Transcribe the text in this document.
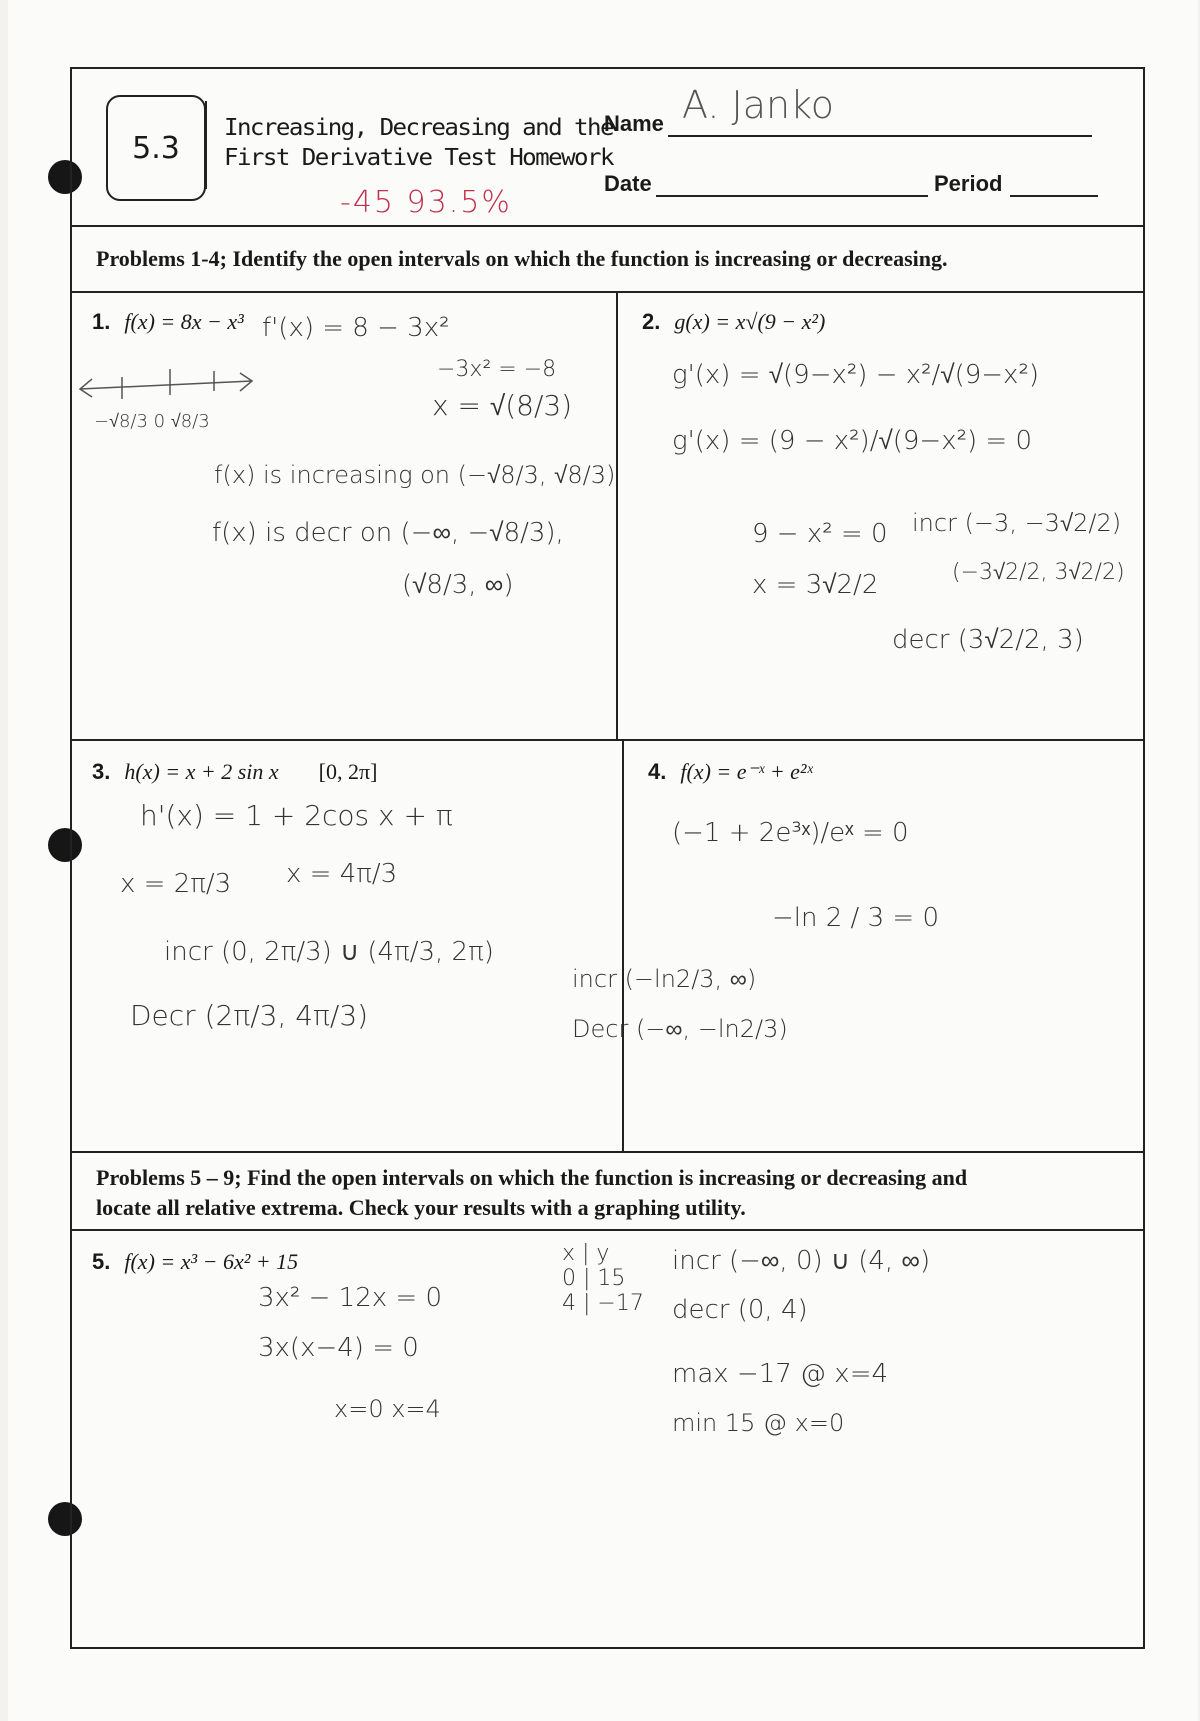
5.3
Increasing, Decreasing and the
First Derivative Test Homework
-45 93.5%
Name A. Janko
Date	Period
Problems 1-4; Identify the open intervals on which the function is increasing or decreasing.
1. f(x) = 8x − x³ f'(x) = 8 − 3x²
−√8/3 0 √8/3
−3x² = −8
x = √(8/3)
f(x) is increasing on (−√8/3, √8/3)
f(x) is decr on (−∞, −√8/3),
(√8/3, ∞)
2. g(x) = x√(9 − x²)
g'(x) = √(9−x²) − x²/√(9−x²)
g'(x) = (9 − x²)/√(9−x²) = 0
9 − x² = 0
x = 3√2/2
incr (−3, −3√2/2)
(−3√2/2, 3√2/2)
decr (3√2/2, 3)
3. h(x) = x + 2 sin x [0, 2π]
h'(x) = 1 + 2cos x + π
x = 2π/3 x = 4π/3
incr (0, 2π/3) ∪ (4π/3, 2π)
Decr (2π/3, 4π/3)
4. f(x) = e⁻ˣ + e²ˣ
(−1 + 2e³ˣ)/eˣ = 0
−ln 2 / 3 = 0
incr (−ln2/3, ∞)
Decr (−∞, −ln2/3)
Problems 5 – 9; Find the open intervals on which the function is increasing or decreasing and
locate all relative extrema. Check your results with a graphing utility.
5. f(x) = x³ − 6x² + 15
3x² − 12x = 0
3x(x−4) = 0
x=0 x=4
x | y
0 | 15
4 | −17
incr (−∞, 0) ∪ (4, ∞)
decr (0, 4)
max −17 @ x=4
min 15 @ x=0
